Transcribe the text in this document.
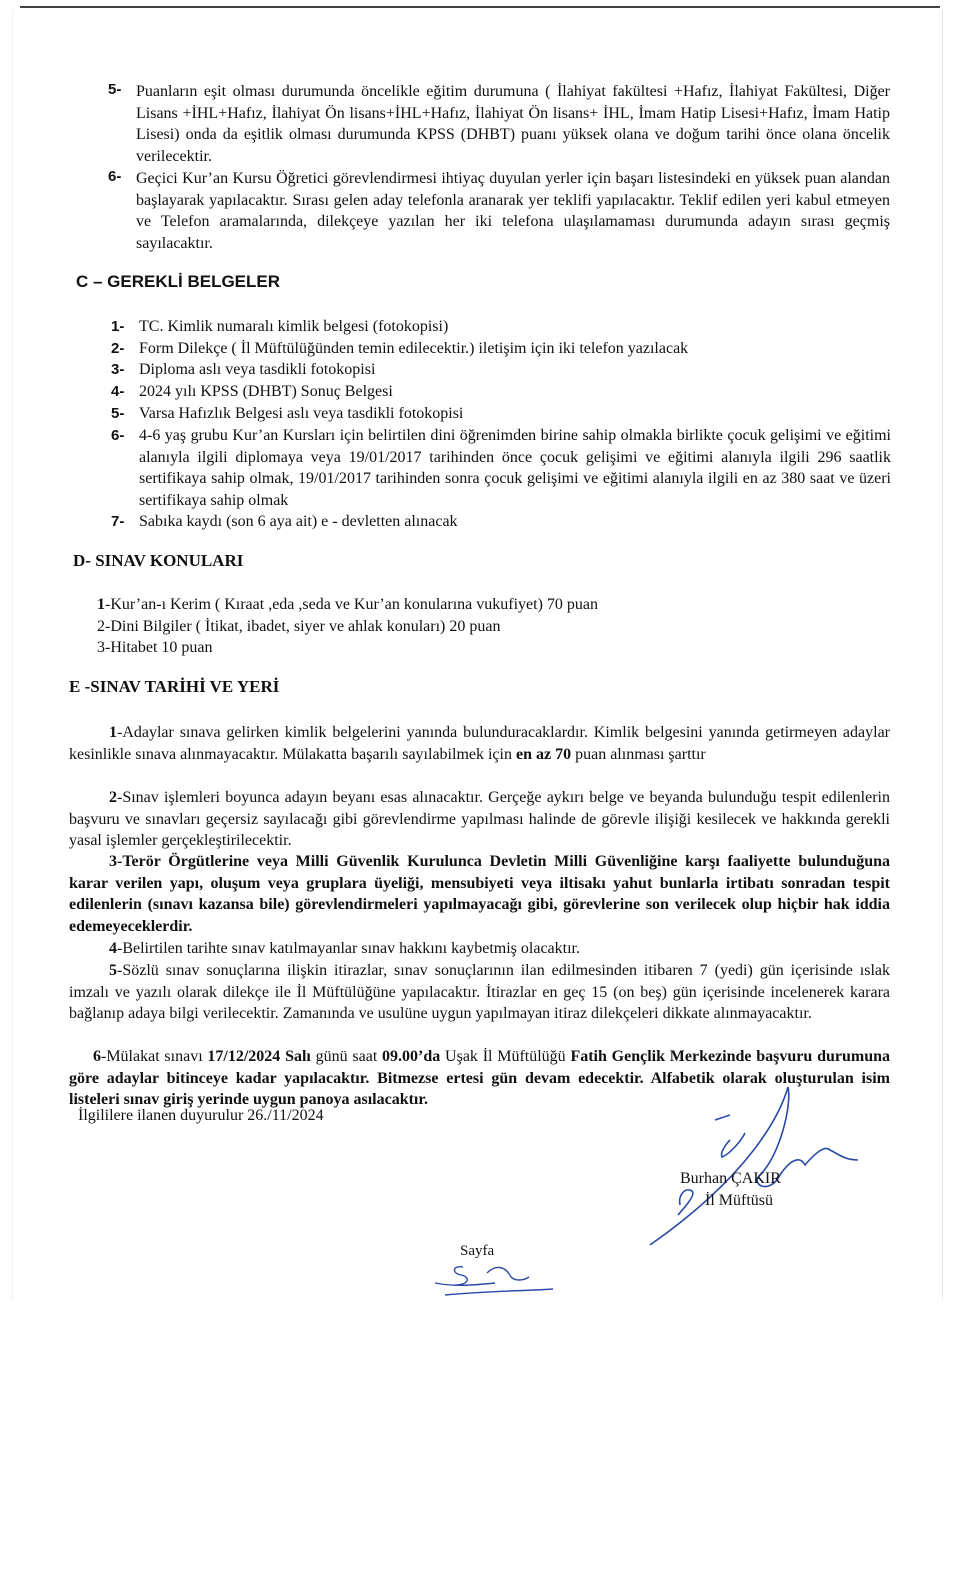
5- Puanların eşit olması durumunda öncelikle eğitim durumuna ( İlahiyat fakültesi +Hafız, İlahiyat Fakültesi, Diğer Lisans +İHL+Hafız, İlahiyat Ön lisans+İHL+Hafız, İlahiyat Ön lisans+ İHL, İmam Hatip Lisesi+Hafız, İmam Hatip Lisesi) onda da eşitlik olması durumunda KPSS (DHBT) puanı yüksek olana ve doğum tarihi önce olana öncelik verilecektir.
6- Geçici Kur’an Kursu Öğretici görevlendirmesi ihtiyaç duyulan yerler için başarı listesindeki en yüksek puan alandan başlayarak yapılacaktır. Sırası gelen aday telefonla aranarak yer teklifi yapılacaktır. Teklif edilen yeri kabul etmeyen ve Telefon aramalarında, dilekçeye yazılan her iki telefona ulaşılamaması durumunda adayın sırası geçmiş sayılacaktır.
C – GEREKLİ BELGELER
1- TC. Kimlik numaralı kimlik belgesi (fotokopisi)
2- Form Dilekçe ( İl Müftülüğünden temin edilecektir.) iletişim için iki telefon yazılacak
3- Diploma aslı veya tasdikli fotokopisi
4- 2024 yılı KPSS (DHBT) Sonuç Belgesi
5- Varsa Hafızlık Belgesi aslı veya tasdikli fotokopisi
6- 4-6 yaş grubu Kur’an Kursları için belirtilen dini öğrenimden birine sahip olmakla birlikte çocuk gelişimi ve eğitimi alanıyla ilgili diplomaya veya 19/01/2017 tarihinden önce çocuk gelişimi ve eğitimi alanıyla ilgili 296 saatlik sertifikaya sahip olmak, 19/01/2017 tarihinden sonra çocuk gelişimi ve eğitimi alanıyla ilgili en az 380 saat ve üzeri sertifikaya sahip olmak
7- Sabıka kaydı (son 6 aya ait) e - devletten alınacak
D- SINAV KONULARI
1-Kur’an-ı Kerim ( Kıraat ,eda ,seda ve Kur’an konularına vukufiyet) 70 puan
2-Dini Bilgiler ( İtikat, ibadet, siyer ve ahlak konuları) 20 puan
3-Hitabet 10 puan
E -SINAV TARİHİ VE YERİ
1-Adaylar sınava gelirken kimlik belgelerini yanında bulunduracaklardır. Kimlik belgesini yanında getirmeyen adaylar kesinlikle sınava alınmayacaktır. Mülakatta başarılı sayılabilmek için en az 70 puan alınması şarttır
2-Sınav işlemleri boyunca adayın beyanı esas alınacaktır. Gerçeğe aykırı belge ve beyanda bulunduğu tespit edilenlerin başvuru ve sınavları geçersiz sayılacağı gibi görevlendirme yapılması halinde de görevle ilişiği kesilecek ve hakkında gerekli yasal işlemler gerçekleştirilecektir.
3-Terör Örgütlerine veya Milli Güvenlik Kurulunca Devletin Milli Güvenliğine karşı faaliyette bulunduğuna karar verilen yapı, oluşum veya gruplara üyeliği, mensubiyeti veya iltisakı yahut bunlarla irtibatı sonradan tespit edilenlerin (sınavı kazansa bile) görevlendirmeleri yapılmayacağı gibi, görevlerine son verilecek olup hiçbir hak iddia edemeyeceklerdir.
4-Belirtilen tarihte sınav katılmayanlar sınav hakkını kaybetmiş olacaktır.
5-Sözlü sınav sonuçlarına ilişkin itirazlar, sınav sonuçlarının ilan edilmesinden itibaren 7 (yedi) gün içerisinde ıslak imzalı ve yazılı olarak dilekçe ile İl Müftülüğüne yapılacaktır. İtirazlar en geç 15 (on beş) gün içerisinde incelenerek karara bağlanıp adaya bilgi verilecektir. Zamanında ve usulüne uygun yapılmayan itiraz dilekçeleri dikkate alınmayacaktır.
6-Mülakat sınavı 17/12/2024 Salı günü saat 09.00’da Uşak İl Müftülüğü Fatih Gençlik Merkezinde başvuru durumuna göre adaylar bitinceye kadar yapılacaktır. Bitmezse ertesi gün devam edecektir. Alfabetik olarak oluşturulan isim listeleri sınav giriş yerinde uygun panoya asılacaktır.
İlgililere ilanen duyurulur 26./11/2024
Burhan ÇAKIR
İl Müftüsü
Sayfa
